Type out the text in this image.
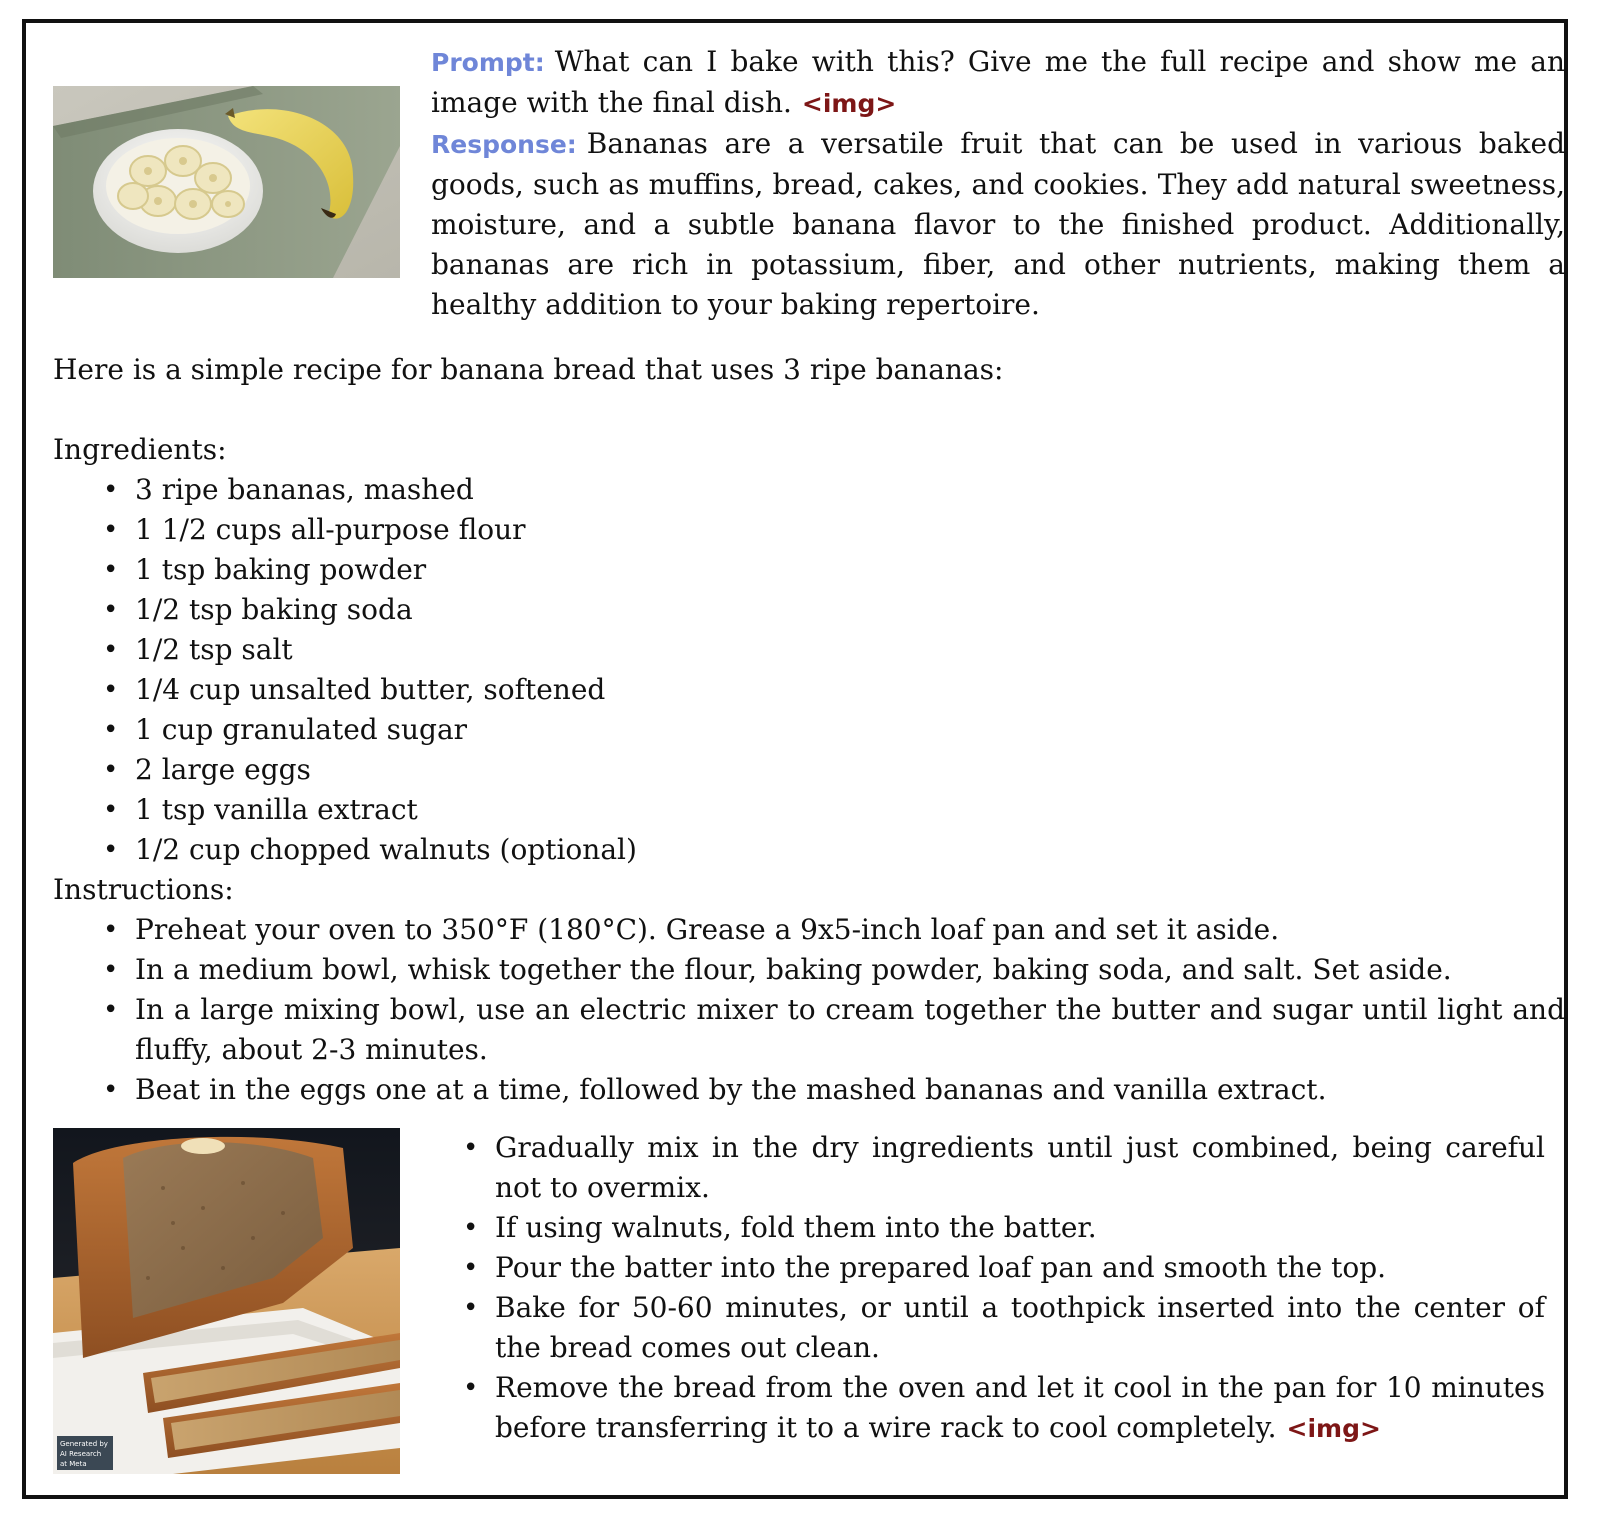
Prompt: What can I bake with this? Give me the full recipe and show me an image with the final dish. <img>
Response: Bananas are a versatile fruit that can be used in various baked goods, such as muffins, bread, cakes, and cookies. They add natural sweetness, moisture, and a subtle banana flavor to the finished product. Additionally, bananas are rich in potassium, fiber, and other nutrients, making them a healthy addition to your baking repertoire.
Here is a simple recipe for banana bread that uses 3 ripe bananas:
Ingredients:
• 3 ripe bananas, mashed
• 1 1/2 cups all-purpose flour
• 1 tsp baking powder
• 1/2 tsp baking soda
• 1/2 tsp salt
• 1/4 cup unsalted butter, softened
• 1 cup granulated sugar
• 2 large eggs
• 1 tsp vanilla extract
• 1/2 cup chopped walnuts (optional)
Instructions:
• Preheat your oven to 350°F (180°C). Grease a 9x5-inch loaf pan and set it aside.
• In a medium bowl, whisk together the flour, baking powder, baking soda, and salt. Set aside.
• In a large mixing bowl, use an electric mixer to cream together the butter and sugar until light and fluffy, about 2-3 minutes.
• Beat in the eggs one at a time, followed by the mashed bananas and vanilla extract.
Generated by
AI Research
at Meta
• Gradually mix in the dry ingredients until just combined, being careful not to overmix.
• If using walnuts, fold them into the batter.
• Pour the batter into the prepared loaf pan and smooth the top.
• Bake for 50-60 minutes, or until a toothpick inserted into the center of the bread comes out clean.
• Remove the bread from the oven and let it cool in the pan for 10 minutes before transferring it to a wire rack to cool completely. <img>
